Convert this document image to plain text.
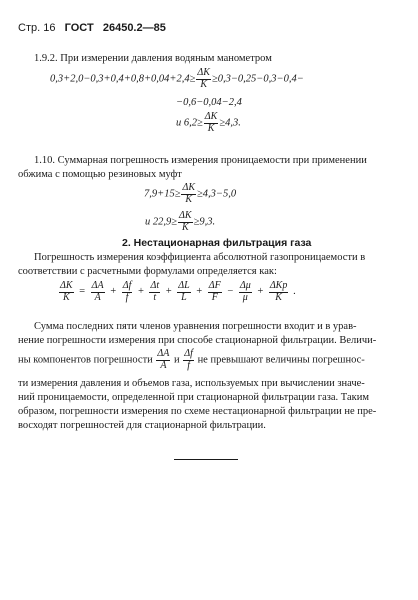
Стр. 16 ГОСТ 26450.2—85
1.9.2. При измерении давления водяным манометром
$0,3+2,0-0,3+0,4+0,8+0,04+2,4\ge \frac{\Delta K}{K} \ge 0,3-0,25-0,3-0,4-$
−0,6−0,04−2,4
и $6,2\ge \frac{\Delta K}{K} \ge 4,3$.
1.10. Суммарная погрешность измерения проницаемости при применении
обжима с помощью резиновых муфт
$7,9+15\ge \frac{\Delta K}{K} \ge 4,3-5,0$
и $22,9\ge \frac{\Delta K}{K} \ge 9,3$.
2. Нестационарная фильтрация газа
Погрешность измерения коэффициента абсолютной газопроницаемости в
соответствии с расчетными формулами определяется как:
$\frac{\Delta K}{K} = \frac{\Delta A}{A} + \frac{\Delta f}{f} + \frac{\Delta t}{t} + \frac{\Delta L}{L} + \frac{\Delta F}{F} - \frac{\Delta\mu}{\mu} + \frac{\text{ΔKр}}{K}$ .
Сумма последних пяти членов уравнения погрешности входит и в урав-
нение погрешности измерения при способе стационарной фильтрации. Величи-
ны компонентов погрешности $\frac{\Delta A}{A}$ и $\frac{\Delta f}{f}$ не превышают величины погрешнос-
ти измерения давления и объемов газа, используемых при вычислении значе-
ний проницаемости, определенной при стационарной фильтрации газа. Таким
образом, погрешности измерения по схеме нестационарной фильтрации не пре-
восходят погрешностей для стационарной фильтрации.
